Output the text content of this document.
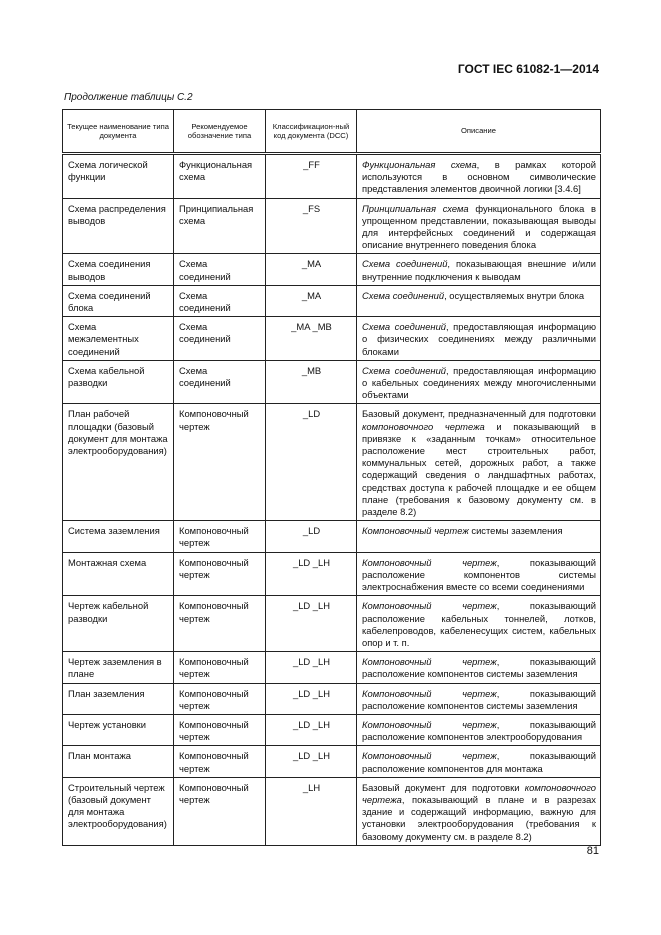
ГОСТ IEC 61082-1—2014
Продолжение таблицы С.2
Текущее наименование типа документа	Рекомендуемое обозначение типа	Классификацион-ный код документа (DCC)	Описание
Схема логической функции	Функциональная схема	_FF	Функциональная схема, в рамках которой используются в основном символические представления элементов двоичной логики [3.4.6]
Схема распределения выводов	Принципиальная схема	_FS	Принципиальная схема функционального блока в упрощенном представлении, показывающая выводы для интерфейсных соединений и содержащая описание внутреннего поведения блока
Схема соединения выводов	Схема соединений	_MA	Схема соединений, показывающая внешние и/или внутренние подключения к выводам
Схема соединений блока	Схема соединений	_MA	Схема соединений, осуществляемых внутри блока
Схема межэлементных соединений	Схема соединений	_MA _MB	Схема соединений, предоставляющая информацию о физических соединениях между различными блоками
Схема кабельной разводки	Схема соединений	_MB	Схема соединений, предоставляющая информацию о кабельных соединениях между многочисленными объектами
План рабочей площадки (базовый документ для монтажа электрооборудования)	Компоновочный чертеж	_LD	Базовый документ, предназначенный для подготовки компоновочного чертежа и показывающий в привязке к «заданным точкам» относительное расположение мест строительных работ, коммунальных сетей, дорожных работ, а также содержащий сведения о ландшафтных работах, средствах доступа к рабочей площадке и ее общем плане (требования к базовому документу см. в разделе 8.2)
Система заземления	Компоновочный чертеж	_LD	Компоновочный чертеж системы заземления
Монтажная схема	Компоновочный чертеж	_LD _LH	Компоновочный чертеж, показывающий расположение компонентов системы электроснабжения вместе со всеми соединениями
Чертеж кабельной разводки	Компоновочный чертеж	_LD _LH	Компоновочный чертеж, показывающий расположение кабельных тоннелей, лотков, кабелепроводов, кабеленесущих систем, кабельных опор и т. п.
Чертеж заземления в плане	Компоновочный чертеж	_LD _LH	Компоновочный чертеж, показывающий расположение компонентов системы заземления
План заземления	Компоновочный чертеж	_LD _LH	Компоновочный чертеж, показывающий расположение компонентов системы заземления
Чертеж установки	Компоновочный чертеж	_LD _LH	Компоновочный чертеж, показывающий расположение компонентов электрооборудования
План монтажа	Компоновочный чертеж	_LD _LH	Компоновочный чертеж, показывающий расположение компонентов для монтажа
Строительный чертеж (базовый документ для монтажа электрооборудования)	Компоновочный чертеж	_LH	Базовый документ для подготовки компоновочного чертежа, показывающий в плане и в разрезах здание и содержащий информацию, важную для установки электрооборудования (требования к базовому документу см. в разделе 8.2)
81
